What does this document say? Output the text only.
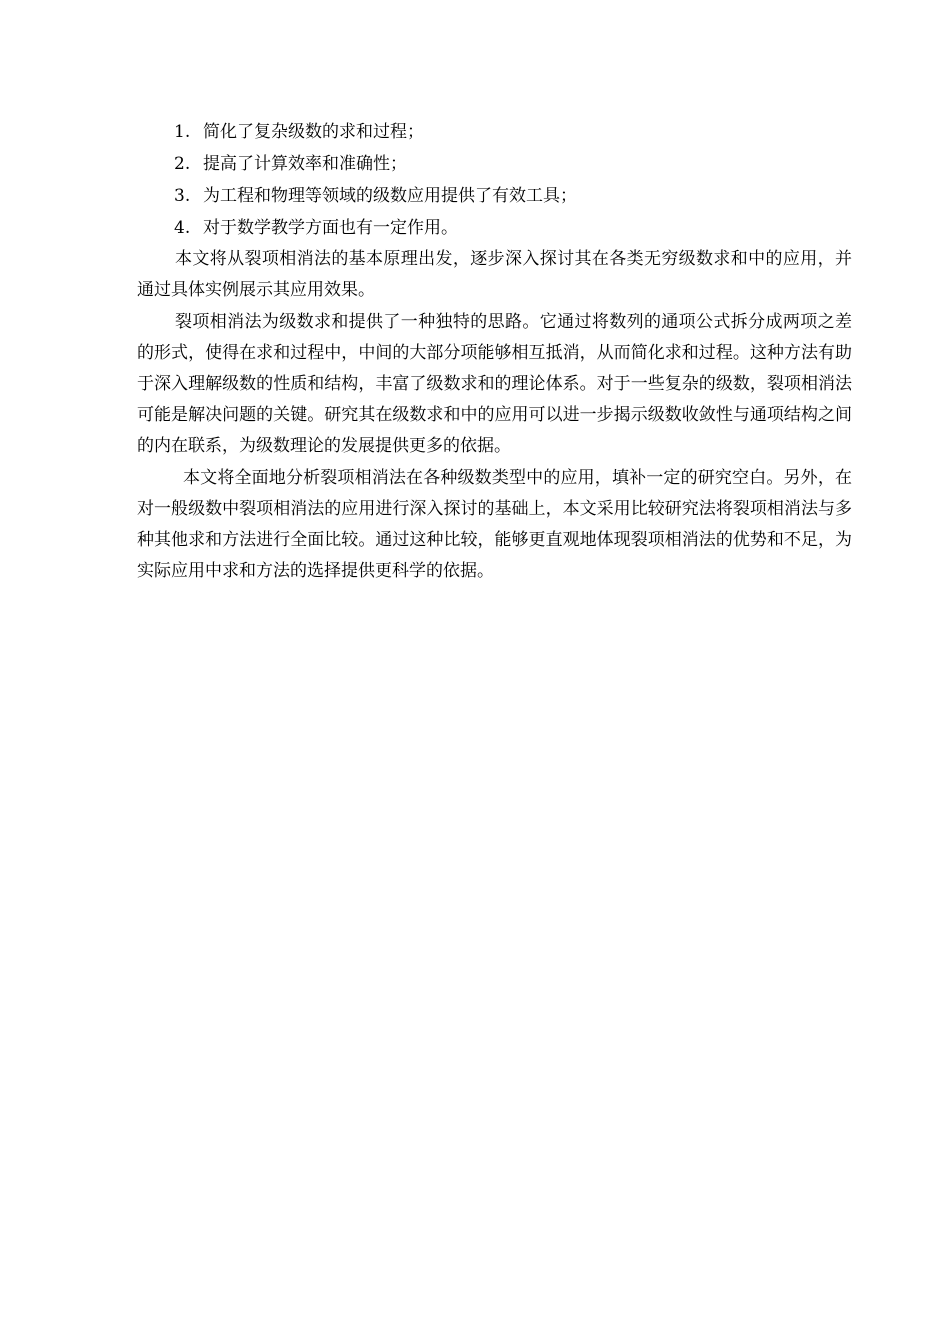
1. 简化了复杂级数的求和过程；
2. 提高了计算效率和准确性；
3. 为工程和物理等领域的级数应用提供了有效工具；
4. 对于数学教学方面也有一定作用。

本文将从裂项相消法的基本原理出发，逐步深入探讨其在各类无穷级数求和中的应用，并通过具体实例展示其应用效果。

裂项相消法为级数求和提供了一种独特的思路。它通过将数列的通项公式拆分成两项之差的形式，使得在求和过程中，中间的大部分项能够相互抵消，从而简化求和过程。这种方法有助于深入理解级数的性质和结构，丰富了级数求和的理论体系。对于一些复杂的级数，裂项相消法可能是解决问题的关键。研究其在级数求和中的应用可以进一步揭示级数收敛性与通项结构之间的内在联系，为级数理论的发展提供更多的依据。

本文将全面地分析裂项相消法在各种级数类型中的应用，填补一定的研究空白。另外，在对一般级数中裂项相消法的应用进行深入探讨的基础上，本文采用比较研究法将裂项相消法与多种其他求和方法进行全面比较。通过这种比较，能够更直观地体现裂项相消法的优势和不足，为实际应用中求和方法的选择提供更科学的依据。
